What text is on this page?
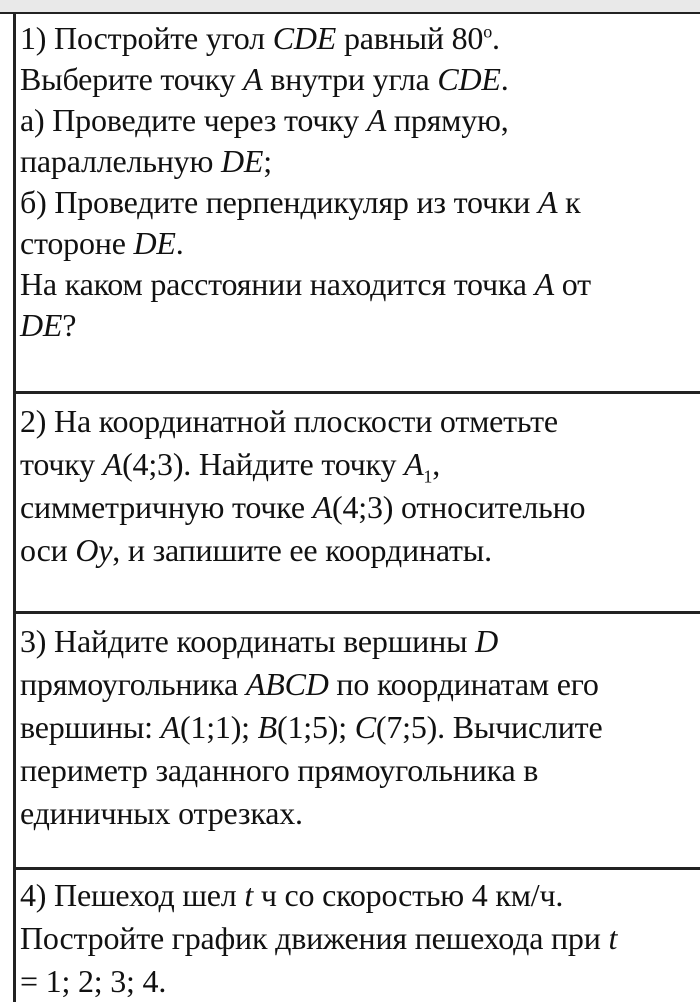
1) Постройте угол CDE равный $80^о$.
Выберите точку A внутри угла CDE.
а) Проведите через точку A прямую,
параллельную DE;
б) Проведите перпендикуляр из точки A к
стороне DE.
На каком расстоянии находится точка A от
DE?
2) На координатной плоскости отметьте
точку A(4;3). Найдите точку $A_1$,
симметричную точке A(4;3) относительно
оси Oy, и запишите ее координаты.
3) Найдите координаты вершины D
прямоугольника ABCD по координатам его
вершины: A(1;1); B(1;5); C(7;5). Вычислите
периметр заданного прямоугольника в
единичных отрезках.
4) Пешеход шел t ч со скоростью 4 км/ч.
Постройте график движения пешехода при t
= 1; 2; 3; 4.
